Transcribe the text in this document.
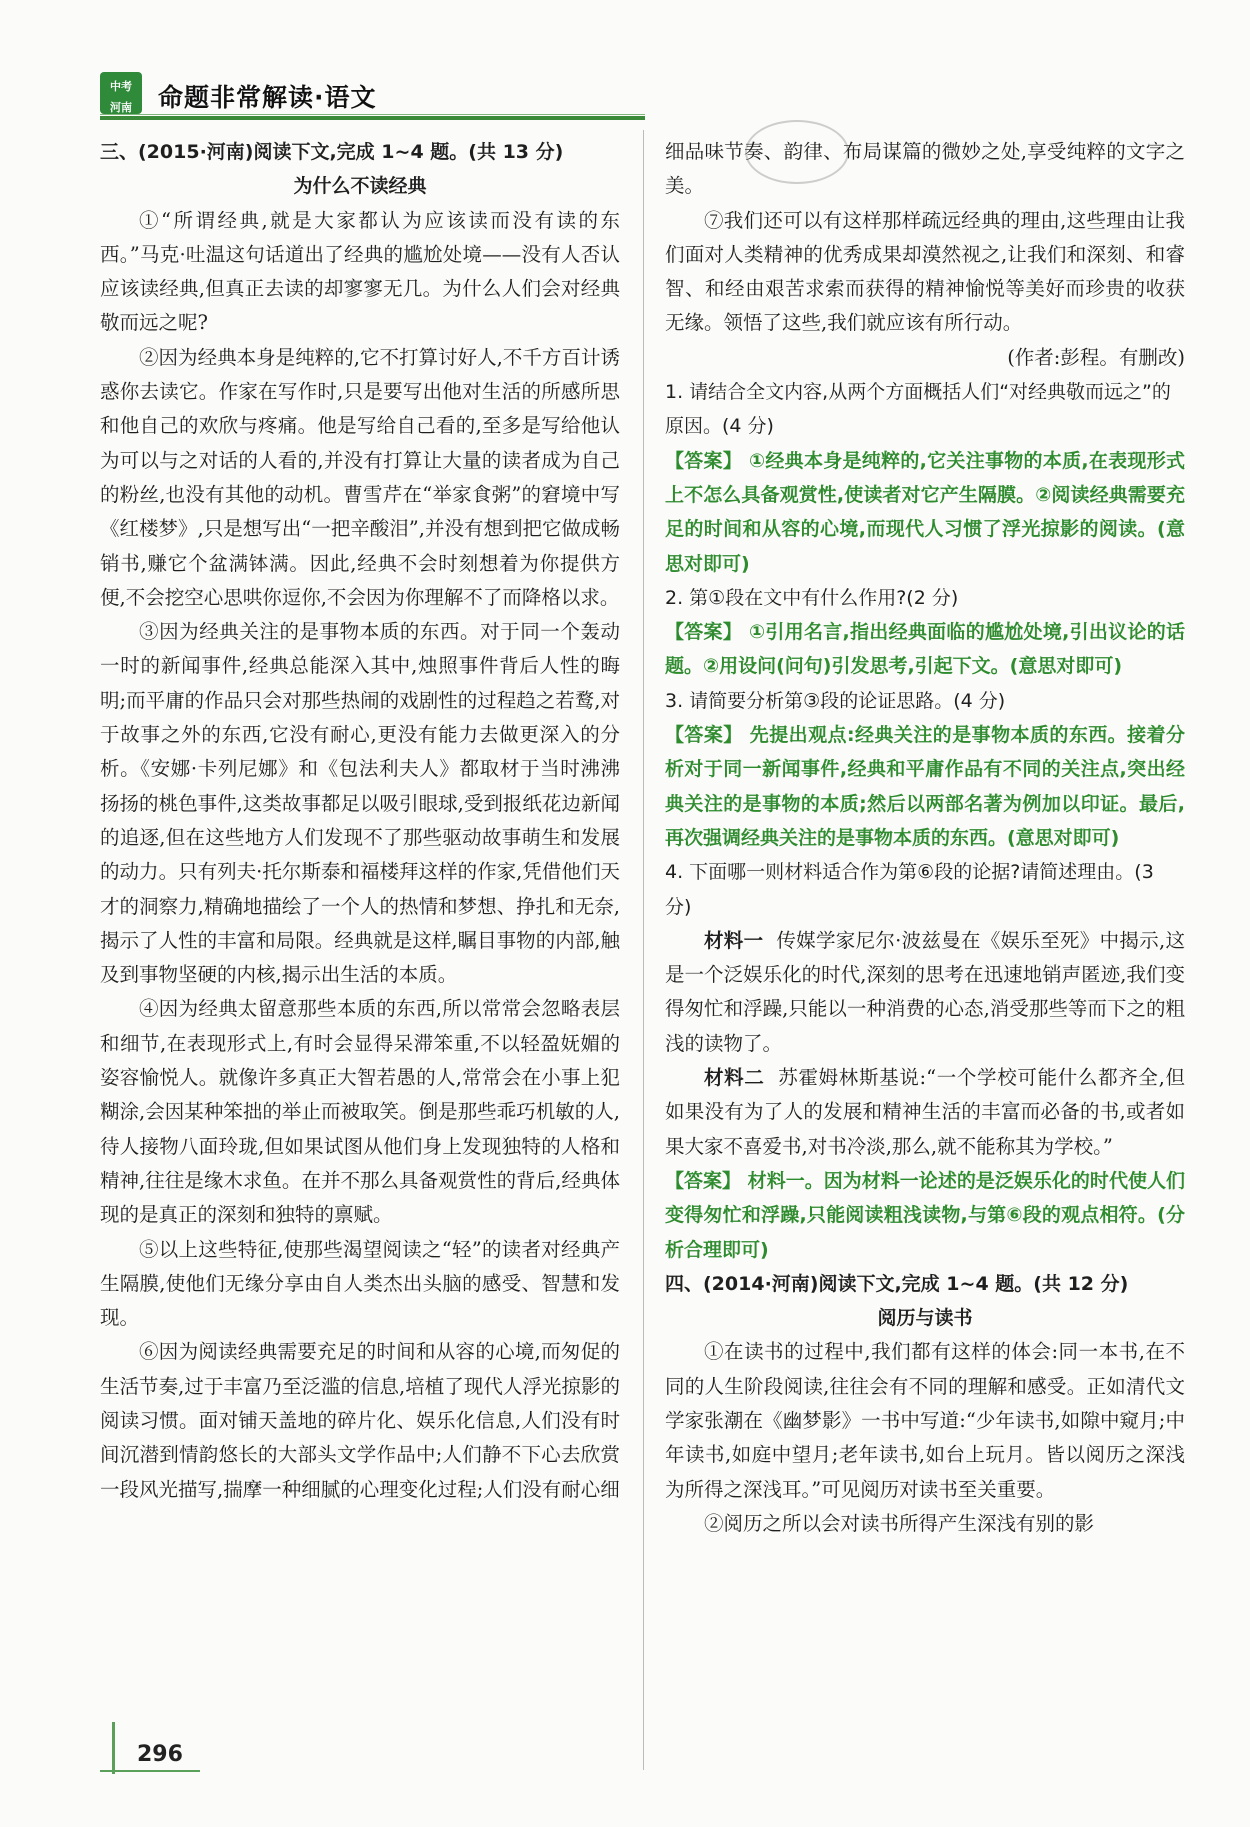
中考
河南	命题非常解读·语文
三、(2015·河南)阅读下文,完成 1~4 题。(共 13 分)
为什么不读经典
①“所谓经典,就是大家都认为应该读而没有读的东西。”马克·吐温这句话道出了经典的尴尬处境——没有人否认应该读经典,但真正去读的却寥寥无几。为什么人们会对经典敬而远之呢?
②因为经典本身是纯粹的,它不打算讨好人,不千方百计诱惑你去读它。作家在写作时,只是要写出他对生活的所感所思和他自己的欢欣与疼痛。他是写给自己看的,至多是写给他认为可以与之对话的人看的,并没有打算让大量的读者成为自己的粉丝,也没有其他的动机。曹雪芹在“举家食粥”的窘境中写《红楼梦》,只是想写出“一把辛酸泪”,并没有想到把它做成畅销书,赚它个盆满钵满。因此,经典不会时刻想着为你提供方便,不会挖空心思哄你逗你,不会因为你理解不了而降格以求。
③因为经典关注的是事物本质的东西。对于同一个轰动一时的新闻事件,经典总能深入其中,烛照事件背后人性的晦明;而平庸的作品只会对那些热闹的戏剧性的过程趋之若鹜,对于故事之外的东西,它没有耐心,更没有能力去做更深入的分析。《安娜·卡列尼娜》和《包法利夫人》都取材于当时沸沸扬扬的桃色事件,这类故事都足以吸引眼球,受到报纸花边新闻的追逐,但在这些地方人们发现不了那些驱动故事萌生和发展的动力。只有列夫·托尔斯泰和福楼拜这样的作家,凭借他们天才的洞察力,精确地描绘了一个人的热情和梦想、挣扎和无奈,揭示了人性的丰富和局限。经典就是这样,瞩目事物的内部,触及到事物坚硬的内核,揭示出生活的本质。
④因为经典太留意那些本质的东西,所以常常会忽略表层和细节,在表现形式上,有时会显得呆滞笨重,不以轻盈妩媚的姿容愉悦人。就像许多真正大智若愚的人,常常会在小事上犯糊涂,会因某种笨拙的举止而被取笑。倒是那些乖巧机敏的人,待人接物八面玲珑,但如果试图从他们身上发现独特的人格和精神,往往是缘木求鱼。在并不那么具备观赏性的背后,经典体现的是真正的深刻和独特的禀赋。
⑤以上这些特征,使那些渴望阅读之“轻”的读者对经典产生隔膜,使他们无缘分享由自人类杰出头脑的感受、智慧和发现。
⑥因为阅读经典需要充足的时间和从容的心境,而匆促的生活节奏,过于丰富乃至泛滥的信息,培植了现代人浮光掠影的阅读习惯。面对铺天盖地的碎片化、娱乐化信息,人们没有时间沉潜到情韵悠长的大部头文学作品中;人们静不下心去欣赏一段风光描写,揣摩一种细腻的心理变化过程;人们没有耐心细
细品味节奏、韵律、布局谋篇的微妙之处,享受纯粹的文字之美。
⑦我们还可以有这样那样疏远经典的理由,这些理由让我们面对人类精神的优秀成果却漠然视之,让我们和深刻、和睿智、和经由艰苦求索而获得的精神愉悦等美好而珍贵的收获无缘。领悟了这些,我们就应该有所行动。
(作者:彭程。有删改)
1. 请结合全文内容,从两个方面概括人们“对经典敬而远之”的原因。(4 分)
【答案】 ①经典本身是纯粹的,它关注事物的本质,在表现形式上不怎么具备观赏性,使读者对它产生隔膜。②阅读经典需要充足的时间和从容的心境,而现代人习惯了浮光掠影的阅读。(意思对即可)
2. 第①段在文中有什么作用?(2 分)
【答案】 ①引用名言,指出经典面临的尴尬处境,引出议论的话题。②用设问(问句)引发思考,引起下文。(意思对即可)
3. 请简要分析第③段的论证思路。(4 分)
【答案】 先提出观点:经典关注的是事物本质的东西。接着分析对于同一新闻事件,经典和平庸作品有不同的关注点,突出经典关注的是事物的本质;然后以两部名著为例加以印证。最后,再次强调经典关注的是事物本质的东西。(意思对即可)
4. 下面哪一则材料适合作为第⑥段的论据?请简述理由。(3 分)
材料一 传媒学家尼尔·波兹曼在《娱乐至死》中揭示,这是一个泛娱乐化的时代,深刻的思考在迅速地销声匿迹,我们变得匆忙和浮躁,只能以一种消费的心态,消受那些等而下之的粗浅的读物了。
材料二 苏霍姆林斯基说:“一个学校可能什么都齐全,但如果没有为了人的发展和精神生活的丰富而必备的书,或者如果大家不喜爱书,对书冷淡,那么,就不能称其为学校。”
【答案】 材料一。因为材料一论述的是泛娱乐化的时代使人们变得匆忙和浮躁,只能阅读粗浅读物,与第⑥段的观点相符。(分析合理即可)
四、(2014·河南)阅读下文,完成 1~4 题。(共 12 分)
阅历与读书
①在读书的过程中,我们都有这样的体会:同一本书,在不同的人生阶段阅读,往往会有不同的理解和感受。正如清代文学家张潮在《幽梦影》一书中写道:“少年读书,如隙中窥月;中年读书,如庭中望月;老年读书,如台上玩月。皆以阅历之深浅为所得之深浅耳。”可见阅历对读书至关重要。
②阅历之所以会对读书所得产生深浅有别的影
296
